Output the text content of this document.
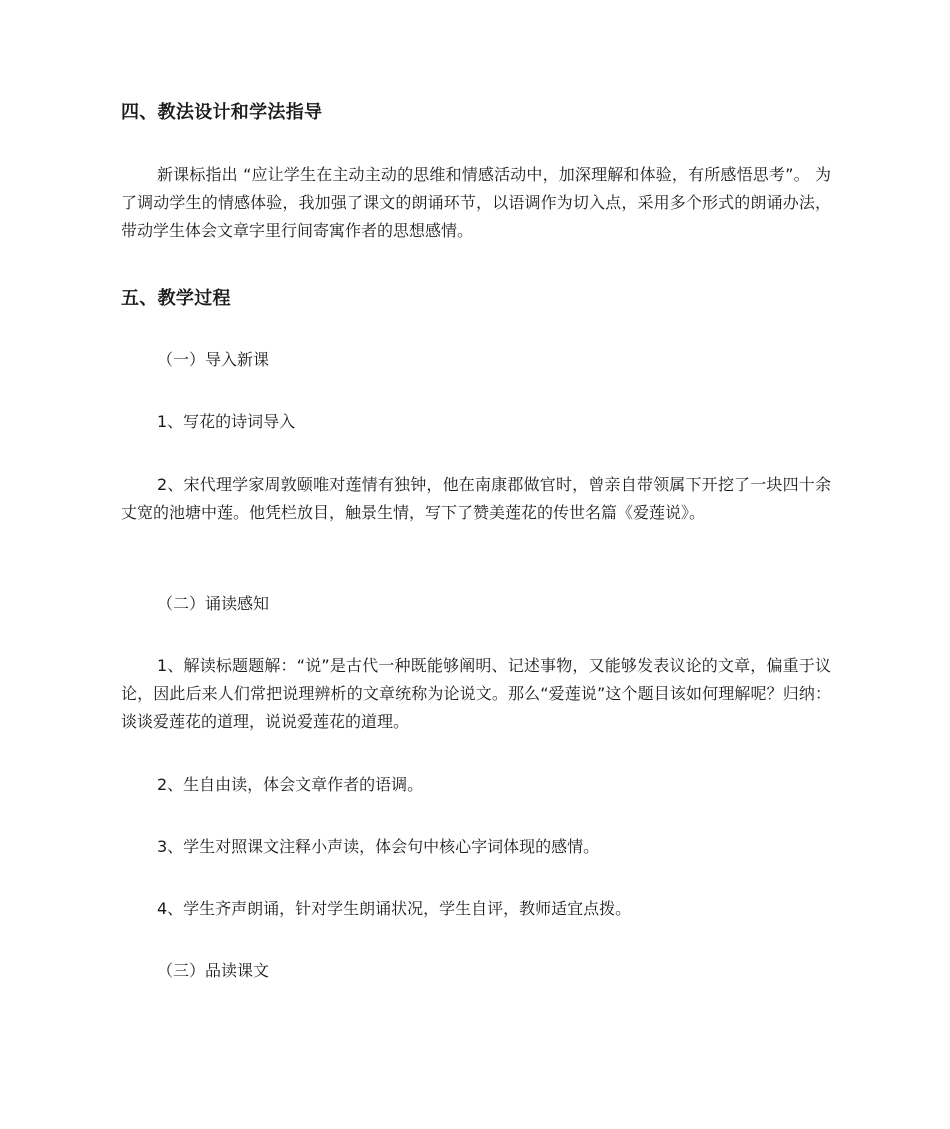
四、教法设计和学法指导

新课标指出 “应让学生在主动主动的思维和情感活动中，加深理解和体验，有所感悟思考”。 为了调动学生的情感体验，我加强了课文的朗诵环节，以语调作为切入点，采用多个形式的朗诵办法，带动学生体会文章字里行间寄寓作者的思想感情。

五、教学过程

（一）导入新课

1、写花的诗词导入

2、宋代理学家周敦颐唯对莲情有独钟，他在南康郡做官时，曾亲自带领属下开挖了一块四十余丈宽的池塘中莲。他凭栏放目，触景生情，写下了赞美莲花的传世名篇《爱莲说》。

（二）诵读感知

1、解读标题题解：“说”是古代一种既能够阐明、记述事物，又能够发表议论的文章，偏重于议论，因此后来人们常把说理辨析的文章统称为论说文。那么“爱莲说”这个题目该如何理解呢？归纳：谈谈爱莲花的道理，说说爱莲花的道理。

2、生自由读，体会文章作者的语调。

3、学生对照课文注释小声读，体会句中核心字词体现的感情。

4、学生齐声朗诵，针对学生朗诵状况，学生自评，教师适宜点拨。

（三）品读课文
